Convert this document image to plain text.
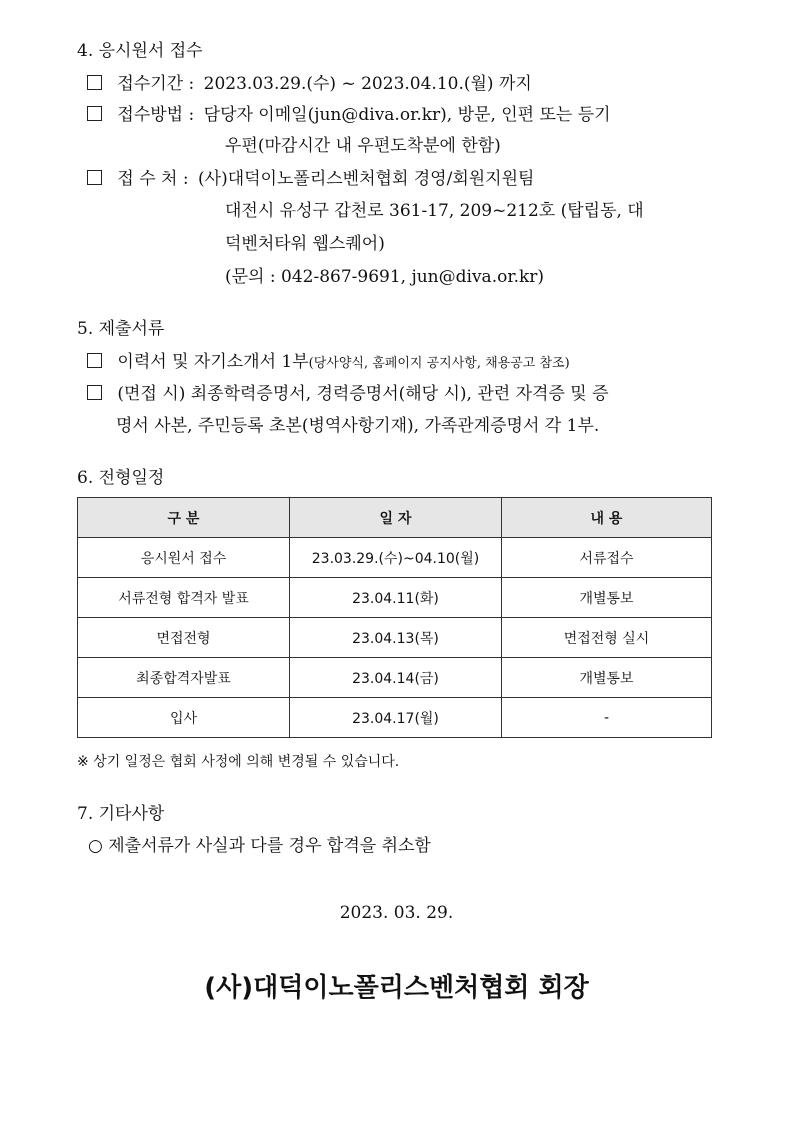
4. 응시원서 접수
접수기간 : 2023.03.29.(수) ~ 2023.04.10.(월) 까지
접수방법 : 담당자 이메일(jun@diva.or.kr), 방문, 인편 또는 등기
우편(마감시간 내 우편도착분에 한함)
접 수 처 : (사)대덕이노폴리스벤처협회 경영/회원지원팀
대전시 유성구 갑천로 361-17, 209~212호 (탑립동, 대
덕벤처타워 웹스퀘어)
(문의 : 042-867-9691, jun@diva.or.kr)
5. 제출서류
이력서 및 자기소개서 1부(당사양식, 홈페이지 공지사항, 채용공고 참조)
(면접 시) 최종학력증명서, 경력증명서(해당 시), 관련 자격증 및 증
명서 사본, 주민등록 초본(병역사항기재), 가족관계증명서 각 1부.
6. 전형일정
구 분	일 자	내 용
응시원서 접수	23.03.29.(수)~04.10(월)	서류접수
서류전형 합격자 발표	23.04.11(화)	개별통보
면접전형	23.04.13(목)	면접전형 실시
최종합격자발표	23.04.14(금)	개별통보
입사	23.04.17(월)	-
※ 상기 일정은 협회 사정에 의해 변경될 수 있습니다.
7. 기타사항
○ 제출서류가 사실과 다를 경우 합격을 취소함
2023. 03. 29.
(사)대덕이노폴리스벤처협회 회장
